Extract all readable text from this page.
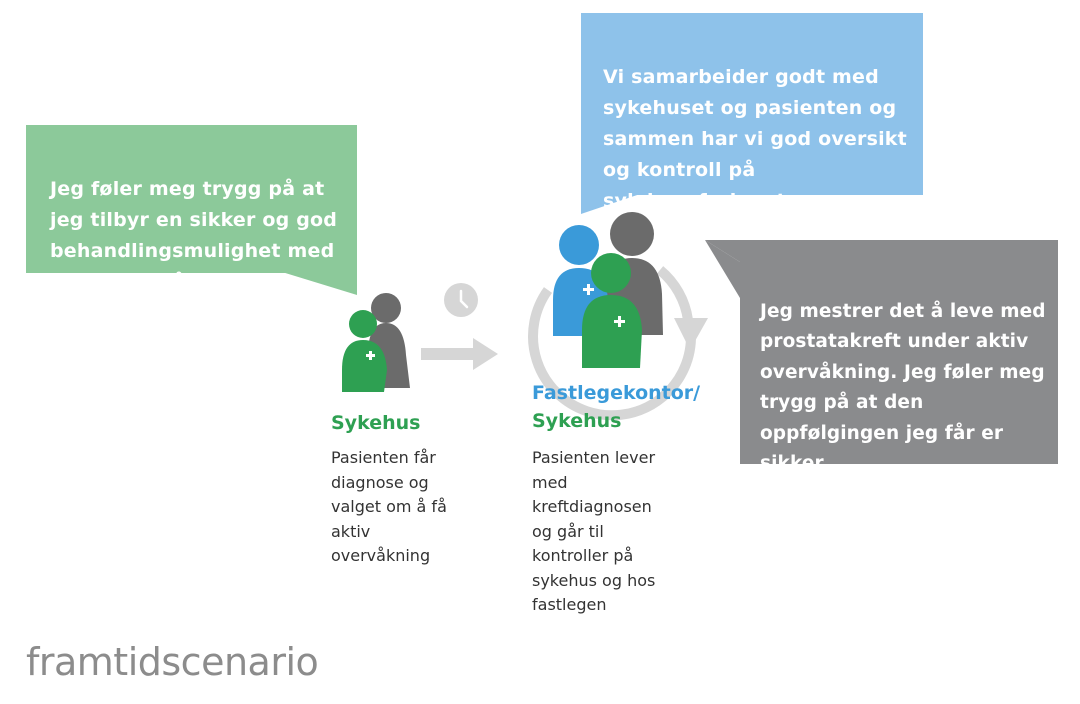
Jeg føler meg trygg på at
jeg tilbyr en sikker og god
behandlingsmulighet med
aktiv overvåkning.

Vi samarbeider godt med
sykehuset og pasienten og
sammen har vi god oversikt
og kontroll på
sykdomsforløpet.

Jeg mestrer det å leve med
prostatakreft under aktiv
overvåkning. Jeg føler meg
trygg på at den
oppfølgingen jeg får er
sikker.

Sykehus
Pasienten får
diagnose og
valget om å få
aktiv
overvåkning
Fastlegekontor/
Sykehus
Pasienten lever
med
kreftdiagnosen
og går til
kontroller på
sykehus og hos
fastlegen
framtidscenario
